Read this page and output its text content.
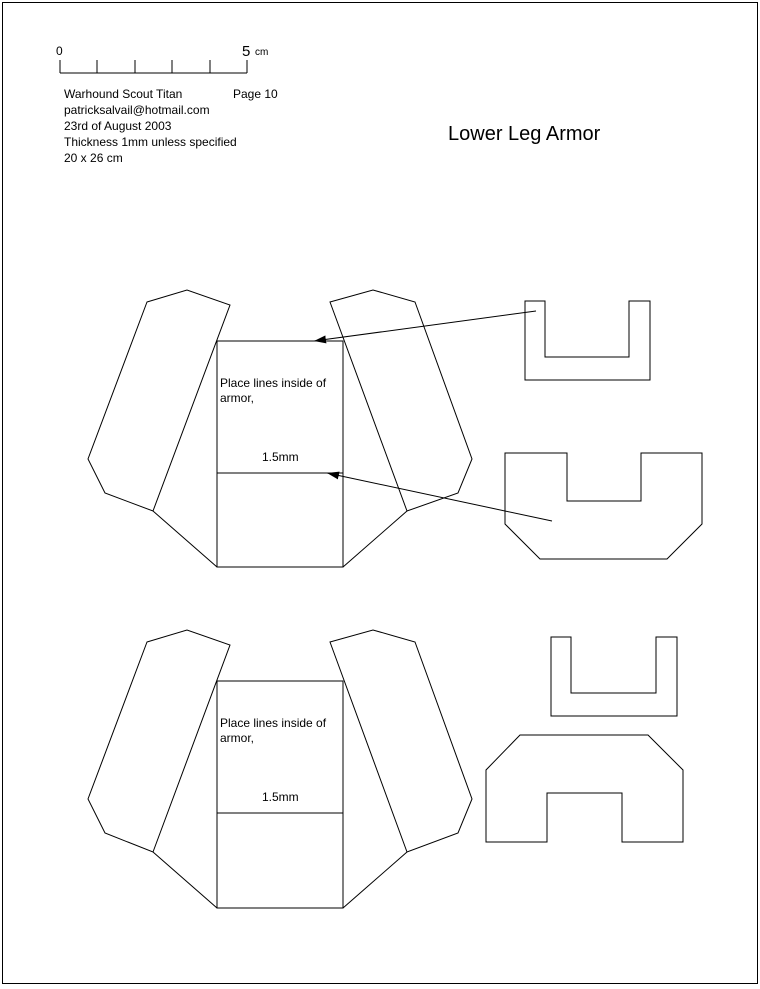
0	5 cm
Warhound Scout Titan	Page 10
patricksalvail@hotmail.com
23rd of August 2003
Thickness 1mm unless specified
20 x 26 cm
Lower Leg Armor
Place lines inside of
armor,
1.5mm
Place lines inside of
armor,
1.5mm
